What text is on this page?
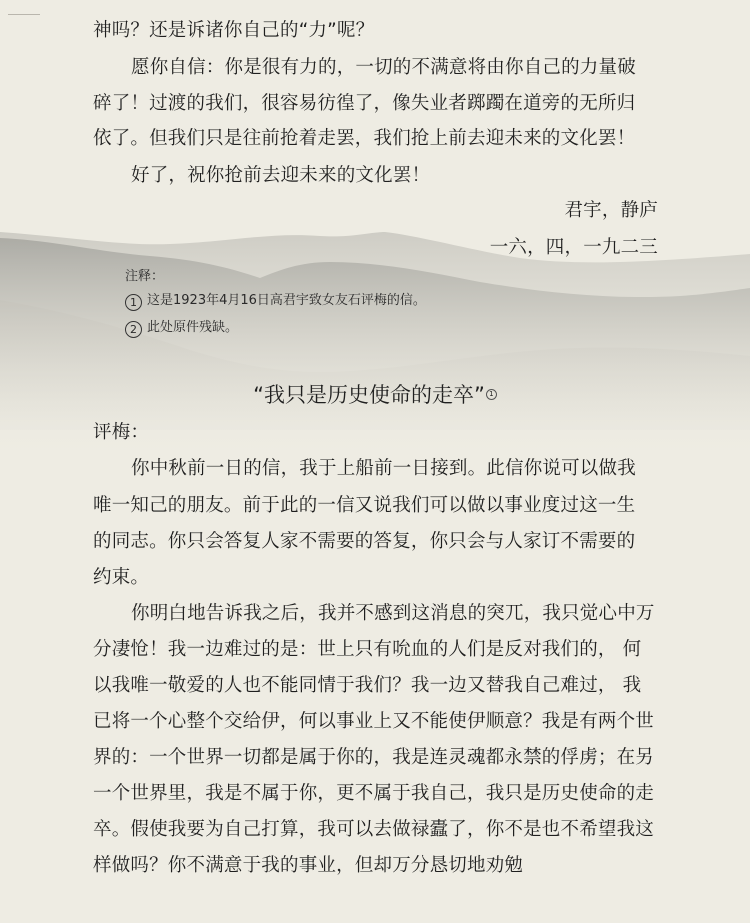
神吗？还是诉诸你自己的“力”呢？
愿你自信：你是很有力的，一切的不满意将由你自己的力量破
碎了！过渡的我们，很容易彷徨了，像失业者踯躅在道旁的无所归
依了。但我们只是往前抢着走罢，我们抢上前去迎未来的文化罢！
好了，祝你抢前去迎未来的文化罢！
君宇，静庐
一六，四，一九二三
注释：
1 这是1923年4月16日高君宇致女友石评梅的信。
2 此处原件残缺。
“我只是历史使命的走卒” 1
评梅：
你中秋前一日的信，我于上船前一日接到。此信你说可以做我
唯一知己的朋友。前于此的一信又说我们可以做以事业度过这一生
的同志。你只会答复人家不需要的答复，你只会与人家订不需要的
约束。
你明白地告诉我之后，我并不感到这消息的突兀，我只觉心中万
分凄怆！我一边难过的是：世上只有吮血的人们是反对我们的， 何
以我唯一敬爱的人也不能同情于我们？我一边又替我自己难过， 我
已将一个心整个交给伊，何以事业上又不能使伊顺意？我是有两个世
界的：一个世界一切都是属于你的，我是连灵魂都永禁的俘虏；在另
一个世界里，我是不属于你，更不属于我自己，我只是历史使命的走
卒。假使我要为自己打算，我可以去做禄蠹了，你不是也不希望我这
样做吗？你不满意于我的事业，但却万分恳切地劝勉
